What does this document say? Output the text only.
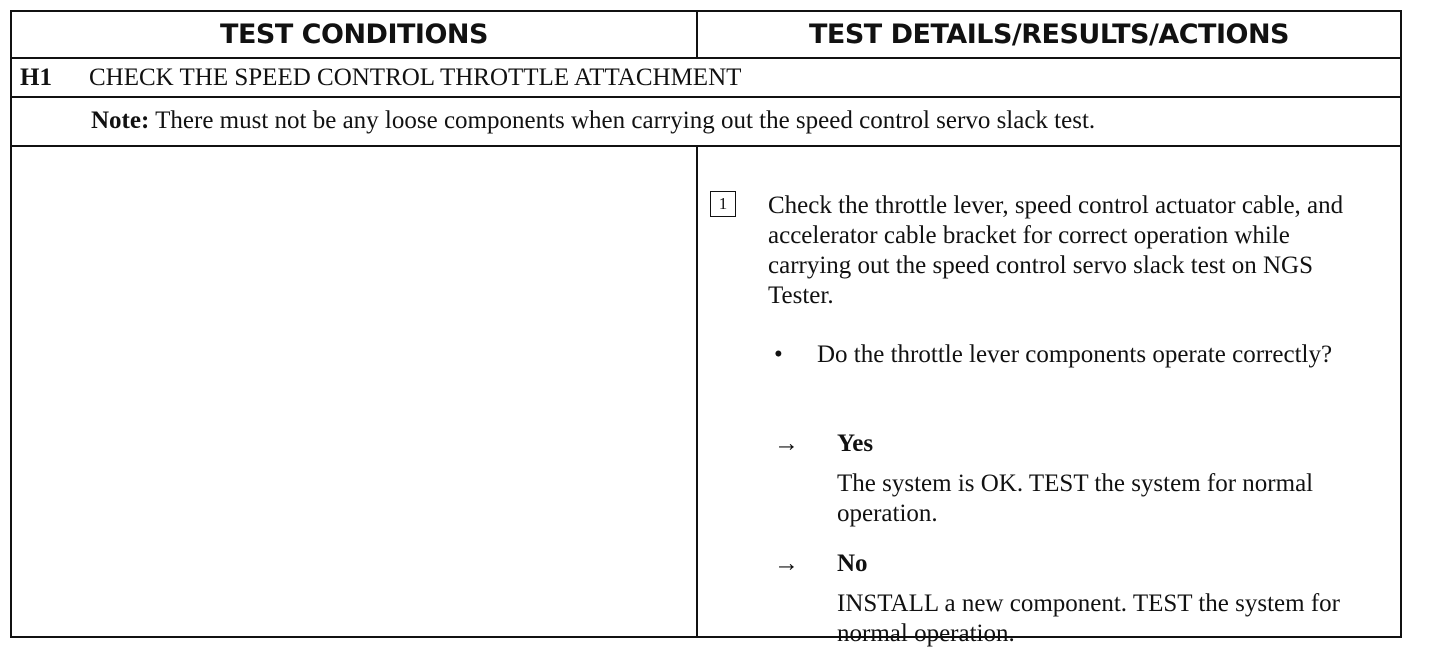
TEST CONDITIONS	TEST DETAILS/RESULTS/ACTIONS
H1 CHECK THE SPEED CONTROL THROTTLE ATTACHMENT
Note: There must not be any loose components when carrying out the speed control servo slack test.
1	Check the throttle lever, speed control actuator cable, and accelerator cable bracket for correct operation while carrying out the speed control servo slack test on NGS Tester.
• Do the throttle lever components operate correctly?
→ Yes
The system is OK. TEST the system for normal operation.
→ No
INSTALL a new component. TEST the system for normal operation.
